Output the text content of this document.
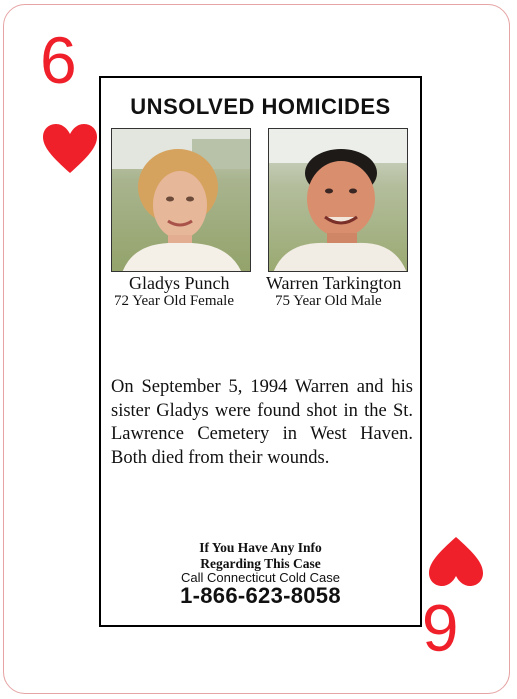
6
6
UNSOLVED HOMICIDES
Gladys Punch
72 Year Old Female
Warren Tarkington
75 Year Old Male
On September 5, 1994 Warren and his sister Gladys were found shot in the St. Lawrence Cemetery in West Haven. Both died from their wounds.
If You Have Any Info
Regarding This Case
Call Connecticut Cold Case
1-866-623-8058
